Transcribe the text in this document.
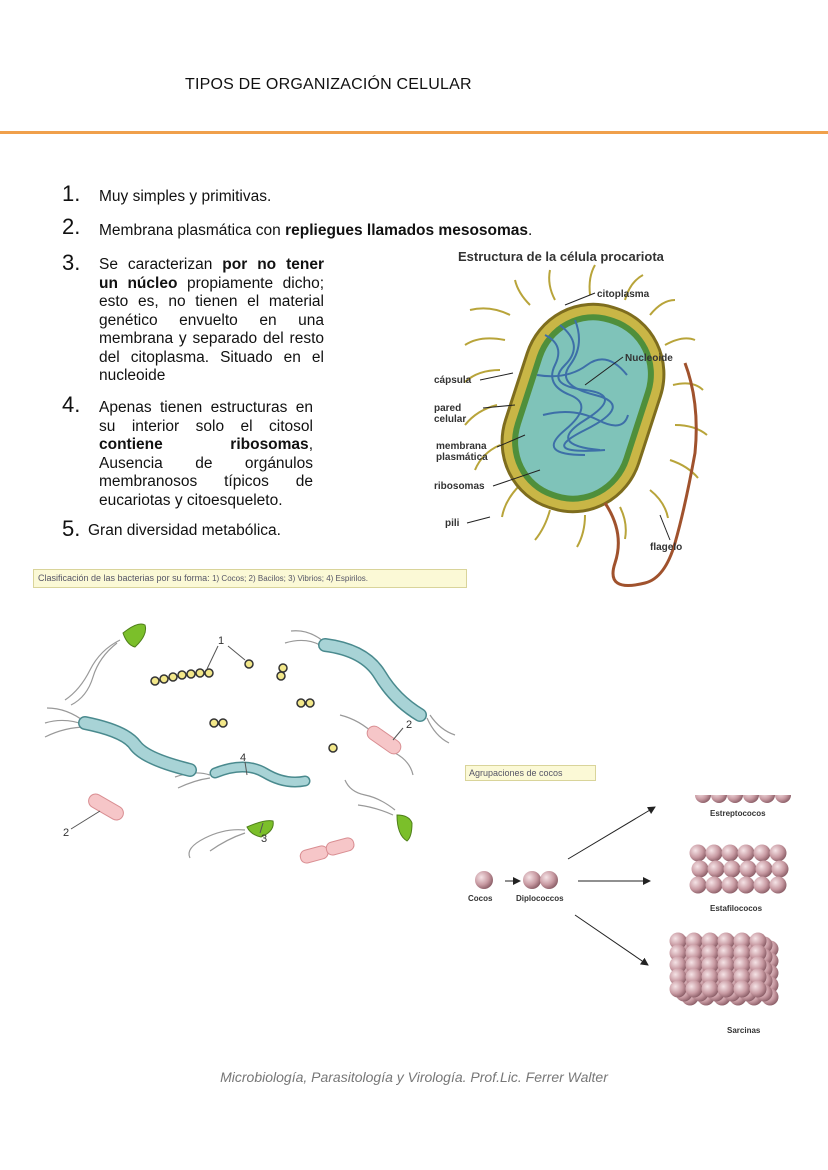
TIPOS DE ORGANIZACIÓN CELULAR
1. Muy simples y primitivas.
2. Membrana plasmática con repliegues llamados mesosomas.
3. Se caracterizan por no tener un núcleo propiamente dicho; esto es, no tienen el material genético envuelto en una membrana y separado del resto del citoplasma. Situado en el nucleoide
4. Apenas tienen estructuras en su interior solo el citosol contiene ribosomas, Ausencia de orgánulos membranosos típicos de eucariotas y citoesqueleto.
5. Gran diversidad metabólica.
Estructura de la célula procariota
citoplasma
Nucleoide
cápsula
pared celular
membrana plasmática
ribosomas
pili
flagelo
Clasificación de las bacterias por su forma: 1) Cocos; 2) Bacilos; 3) Vibrios; 4) Espirilos.
1
2
2	3
4
Agrupaciones de cocos
Cocos	Diplococcos
Estreptococos
Estafilococos
Sarcinas
Microbiología, Parasitología y Virología. Prof.Lic. Ferrer Walter
